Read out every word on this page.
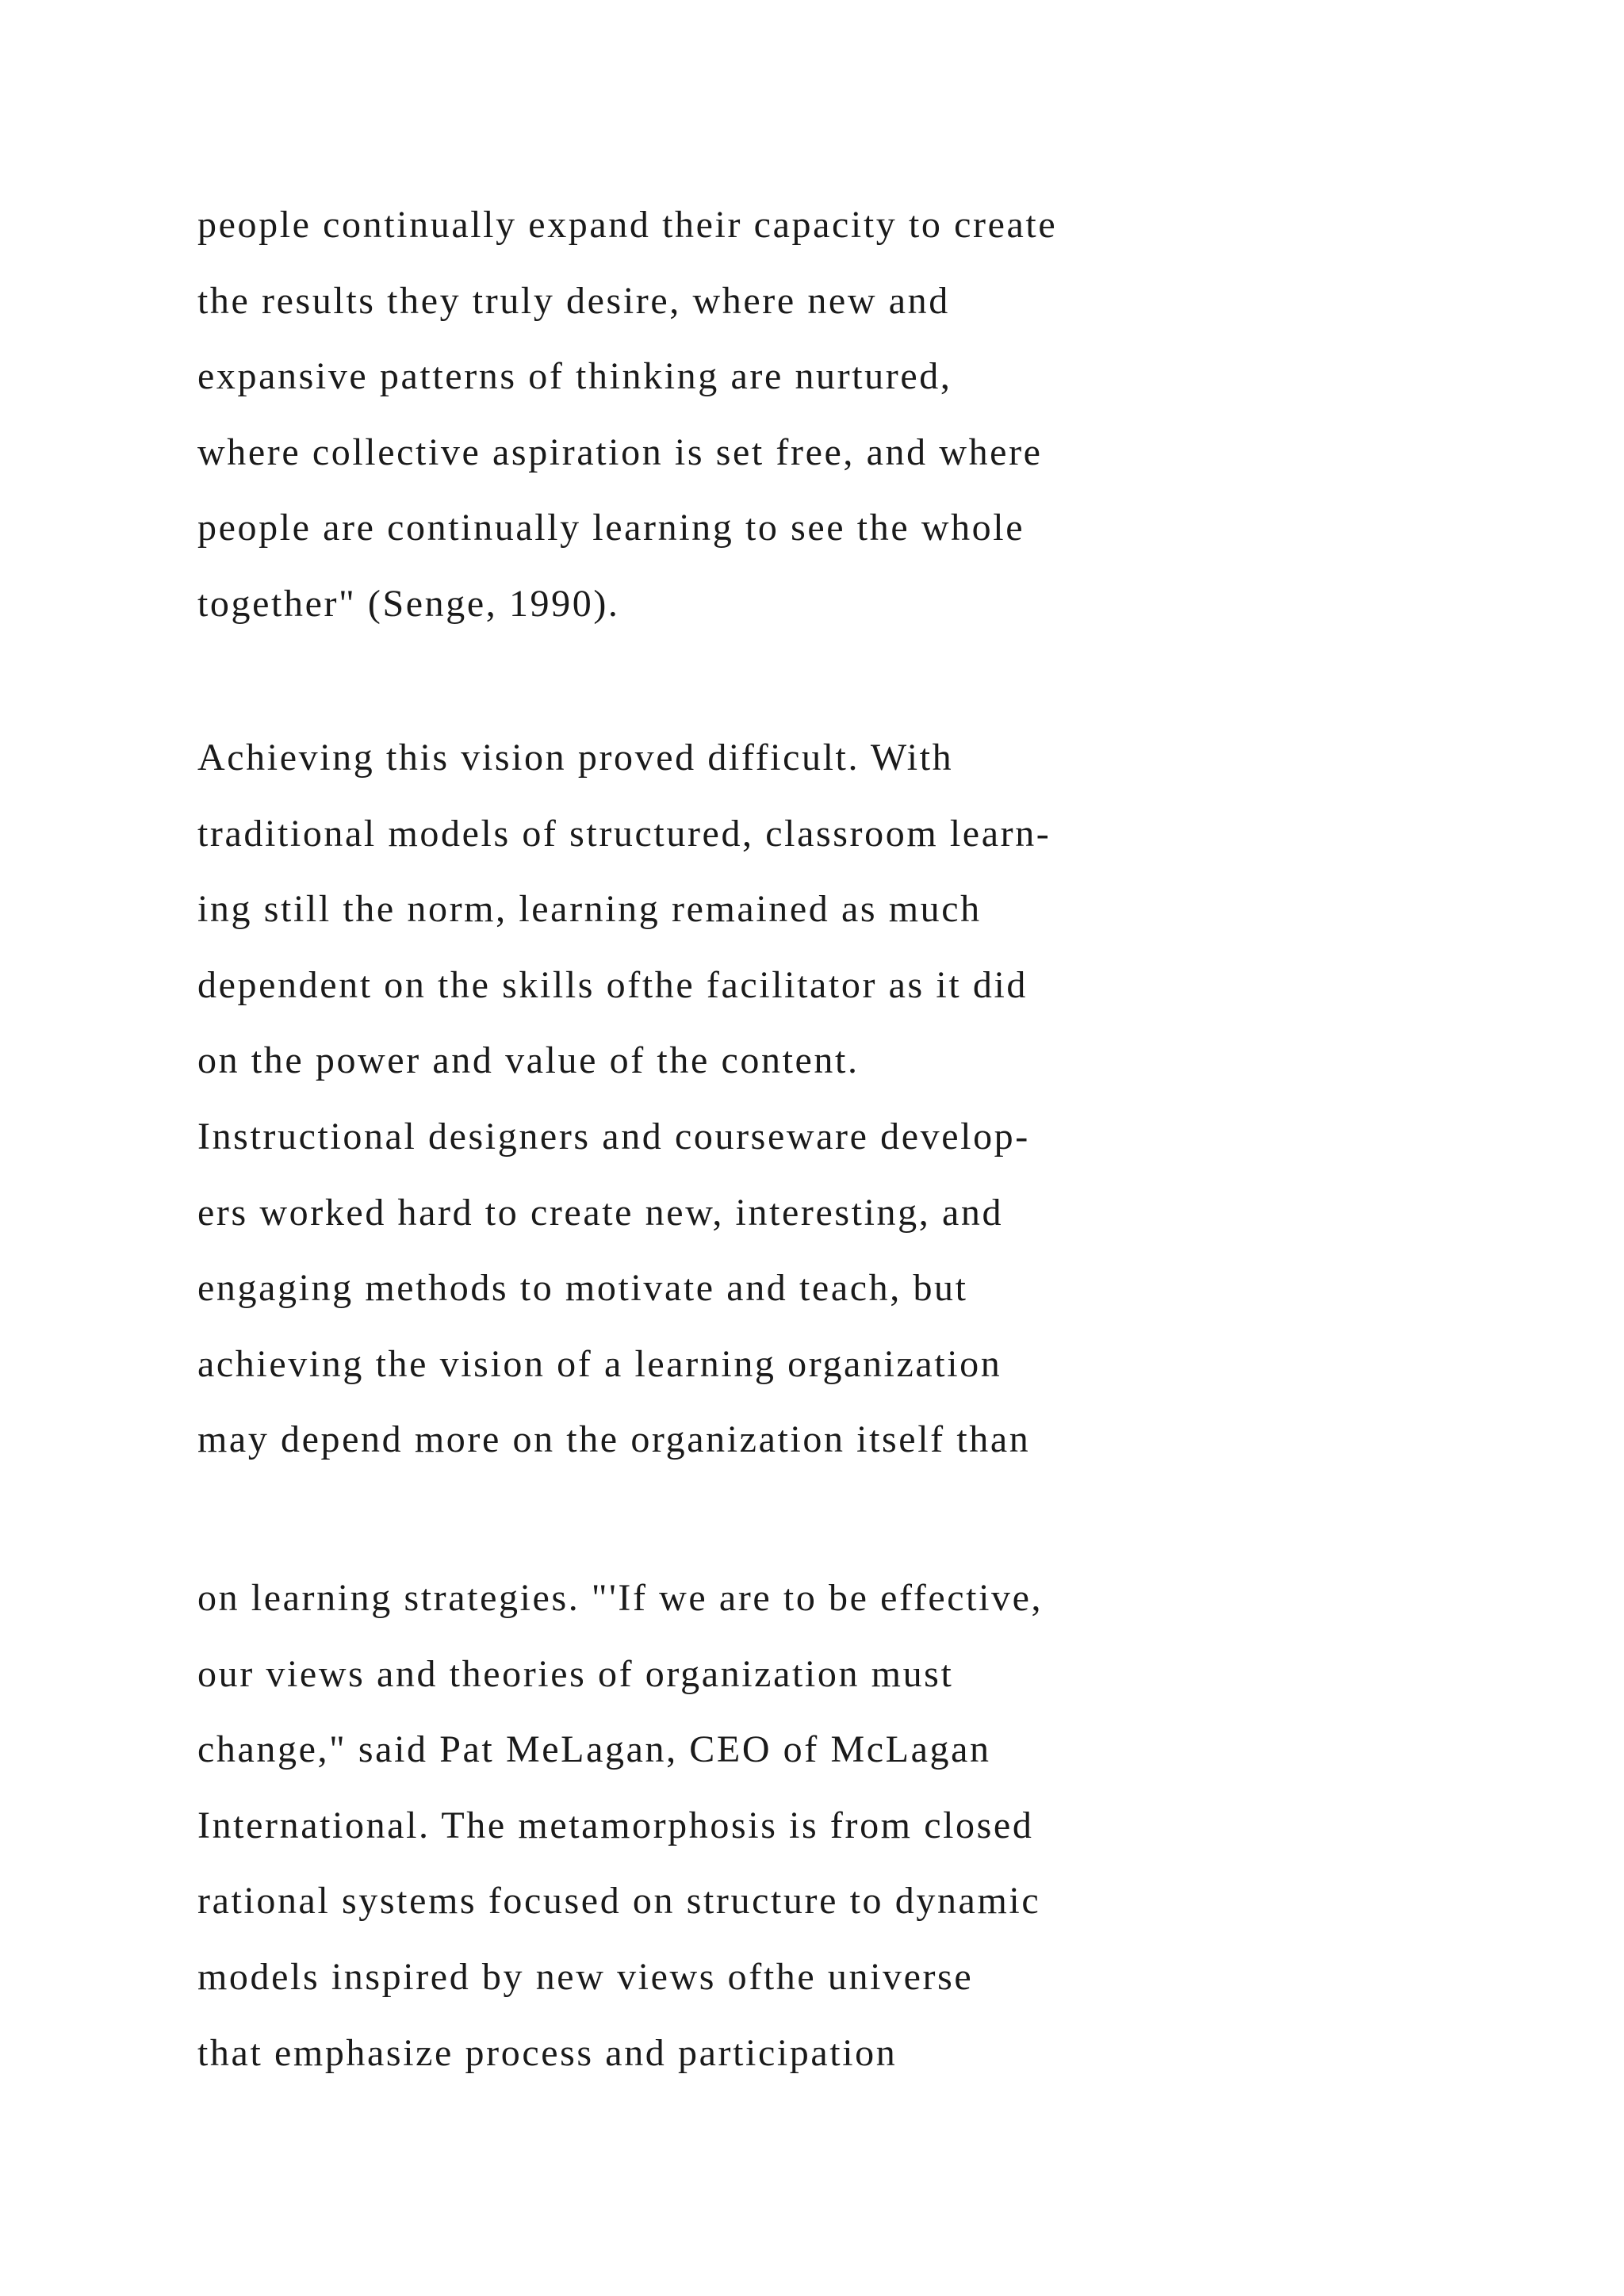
people continually expand their capacity to create

the results they truly desire, where new and

expansive patterns of thinking are nurtured,

where collective aspiration is set free, and where

people are continually learning to see the whole

together" (Senge, 1990).

Achieving this vision proved difficult. With

traditional models of structured, classroom learn-

ing still the norm, learning remained as much

dependent on the skills ofthe facilitator as it did

on the power and value of the content.

Instructional designers and courseware develop-

ers worked hard to create new, interesting, and

engaging methods to motivate and teach, but

achieving the vision of a learning organization

may depend more on the organization itself than

on learning strategies. "'If we are to be effective,

our views and theories of organization must

change," said Pat MeLagan, CEO of McLagan

International. The metamorphosis is from closed

rational systems focused on structure to dynamic

models inspired by new views ofthe universe

that emphasize process and participation
